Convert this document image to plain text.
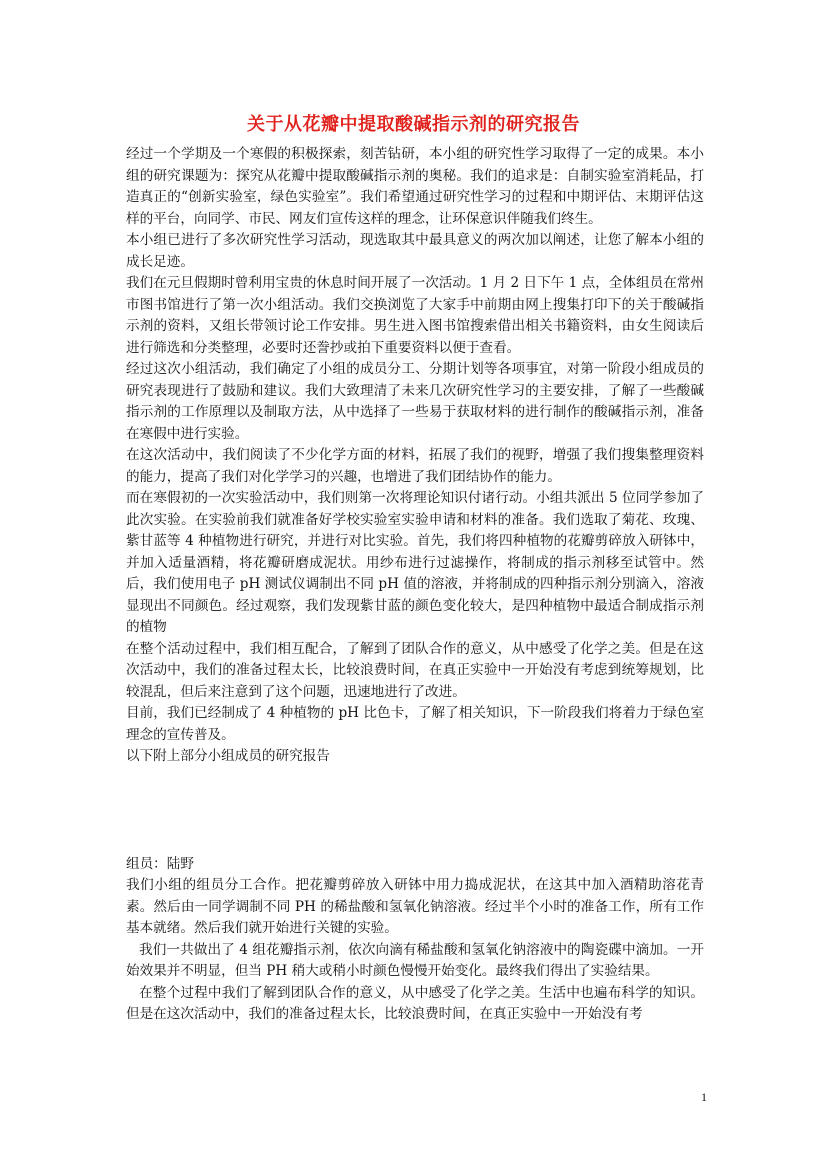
关于从花瓣中提取酸碱指示剂的研究报告

经过一个学期及一个寒假的积极探索，刻苦钻研，本小组的研究性学习取得了一定的成果。本小组的研究课题为：探究从花瓣中提取酸碱指示剂的奥秘。我们的追求是：自制实验室消耗品，打造真正的“创新实验室，绿色实验室”。我们希望通过研究性学习的过程和中期评估、末期评估这样的平台，向同学、市民、网友们宣传这样的理念，让环保意识伴随我们终生。

本小组已进行了多次研究性学习活动，现选取其中最具意义的两次加以阐述，让您了解本小组的成长足迹。

我们在元旦假期时曾利用宝贵的休息时间开展了一次活动。1 月 2 日下午 1 点，全体组员在常州市图书馆进行了第一次小组活动。我们交换浏览了大家手中前期由网上搜集打印下的关于酸碱指示剂的资料，又组长带领讨论工作安排。男生进入图书馆搜索借出相关书籍资料，由女生阅读后进行筛选和分类整理，必要时还誊抄或拍下重要资料以便于查看。

经过这次小组活动，我们确定了小组的成员分工、分期计划等各项事宜，对第一阶段小组成员的研究表现进行了鼓励和建议。我们大致理清了未来几次研究性学习的主要安排，了解了一些酸碱指示剂的工作原理以及制取方法，从中选择了一些易于获取材料的进行制作的酸碱指示剂，准备在寒假中进行实验。

在这次活动中，我们阅读了不少化学方面的材料，拓展了我们的视野，增强了我们搜集整理资料的能力，提高了我们对化学学习的兴趣，也增进了我们团结协作的能力。

而在寒假初的一次实验活动中，我们则第一次将理论知识付诸行动。小组共派出 5 位同学参加了此次实验。在实验前我们就准备好学校实验室实验申请和材料的准备。我们选取了菊花、玫瑰、紫甘蓝等 4 种植物进行研究，并进行对比实验。首先，我们将四种植物的花瓣剪碎放入研钵中，并加入适量酒精，将花瓣研磨成泥状。用纱布进行过滤操作，将制成的指示剂移至试管中。然后，我们使用电子 pH 测试仪调制出不同 pH 值的溶液，并将制成的四种指示剂分别滴入，溶液显现出不同颜色。经过观察，我们发现紫甘蓝的颜色变化较大，是四种植物中最适合制成指示剂的植物

在整个活动过程中，我们相互配合，了解到了团队合作的意义，从中感受了化学之美。但是在这次活动中，我们的准备过程太长，比较浪费时间，在真正实验中一开始没有考虑到统筹规划，比较混乱，但后来注意到了这个问题，迅速地进行了改进。

目前，我们已经制成了 4 种植物的 pH 比色卡，了解了相关知识，下一阶段我们将着力于绿色室理念的宣传普及。

以下附上部分小组成员的研究报告

组员：陆野

我们小组的组员分工合作。把花瓣剪碎放入研钵中用力捣成泥状，在这其中加入酒精助溶花青素。然后由一同学调制不同 PH 的稀盐酸和氢氧化钠溶液。经过半个小时的准备工作，所有工作基本就绪。然后我们就开始进行关键的实验。

我们一共做出了 4 组花瓣指示剂，依次向滴有稀盐酸和氢氧化钠溶液中的陶瓷碟中滴加。一开始效果并不明显，但当 PH 稍大或稍小时颜色慢慢开始变化。最终我们得出了实验结果。

在整个过程中我们了解到团队合作的意义，从中感受了化学之美。生活中也遍布科学的知识。但是在这次活动中，我们的准备过程太长，比较浪费时间，在真正实验中一开始没有考

1
